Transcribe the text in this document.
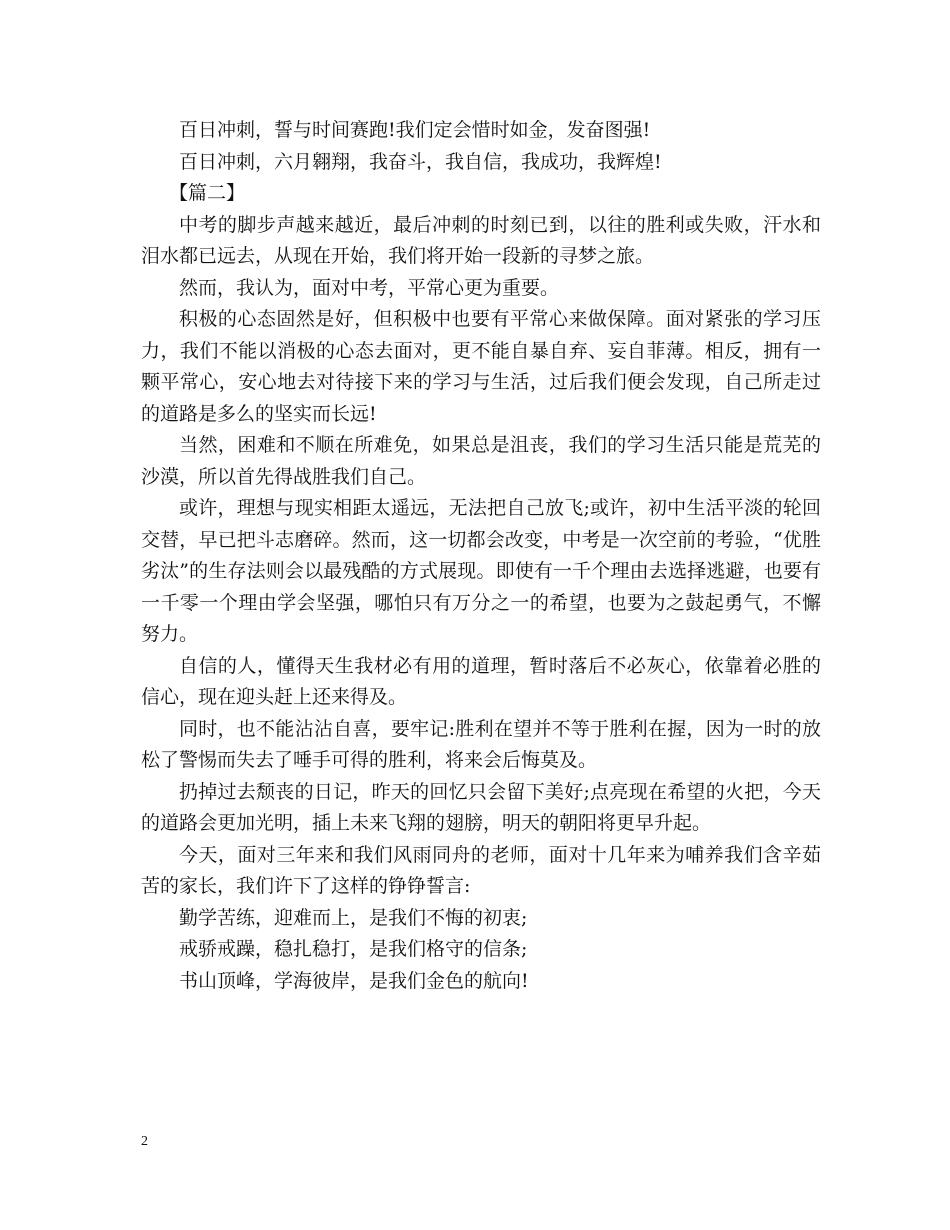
百日冲刺，誓与时间赛跑!我们定会惜时如金，发奋图强!

百日冲刺，六月翱翔，我奋斗，我自信，我成功，我辉煌!

【篇二】

中考的脚步声越来越近，最后冲刺的时刻已到，以往的胜利或失败，汗水和泪水都已远去，从现在开始，我们将开始一段新的寻梦之旅。

然而，我认为，面对中考，平常心更为重要。

积极的心态固然是好，但积极中也要有平常心来做保障。面对紧张的学习压力，我们不能以消极的心态去面对，更不能自暴自弃、妄自菲薄。相反，拥有一颗平常心，安心地去对待接下来的学习与生活，过后我们便会发现，自己所走过的道路是多么的坚实而长远!

当然，困难和不顺在所难免，如果总是沮丧，我们的学习生活只能是荒芜的沙漠，所以首先得战胜我们自己。

或许，理想与现实相距太遥远，无法把自己放飞;或许，初中生活平淡的轮回交替，早已把斗志磨碎。然而，这一切都会改变，中考是一次空前的考验，“优胜劣汰”的生存法则会以最残酷的方式展现。即使有一千个理由去选择逃避，也要有一千零一个理由学会坚强，哪怕只有万分之一的希望，也要为之鼓起勇气，不懈努力。

自信的人，懂得天生我材必有用的道理，暂时落后不必灰心，依靠着必胜的信心，现在迎头赶上还来得及。

同时，也不能沾沾自喜，要牢记:胜利在望并不等于胜利在握，因为一时的放松了警惕而失去了唾手可得的胜利，将来会后悔莫及。

扔掉过去颓丧的日记，昨天的回忆只会留下美好;点亮现在希望的火把，今天的道路会更加光明，插上未来飞翔的翅膀，明天的朝阳将更早升起。

今天，面对三年来和我们风雨同舟的老师，面对十几年来为哺养我们含辛茹苦的家长，我们许下了这样的铮铮誓言:

勤学苦练，迎难而上，是我们不悔的初衷;

戒骄戒躁，稳扎稳打，是我们格守的信条;

书山顶峰，学海彼岸，是我们金色的航向!

2
